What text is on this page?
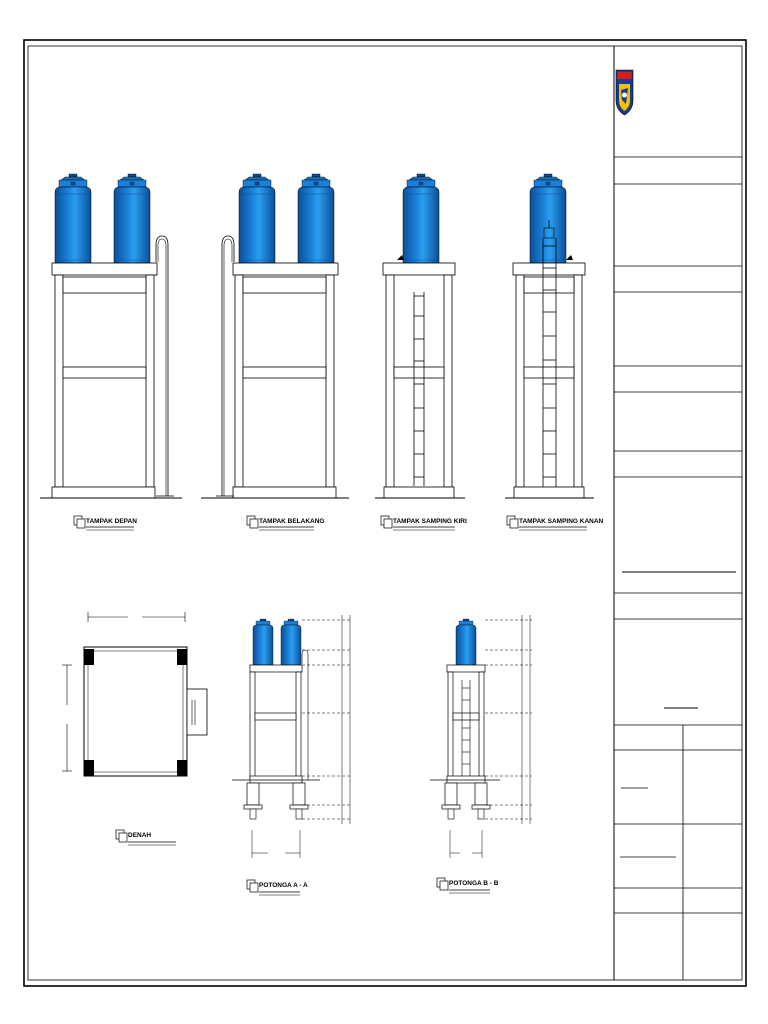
TAMPAK DEPAN	TAMPAK BELAKANG	TAMPAK SAMPING KIRI	TAMPAK SAMPING KANAN
DENAH
POTONGA A - A	POTONGA B - B
